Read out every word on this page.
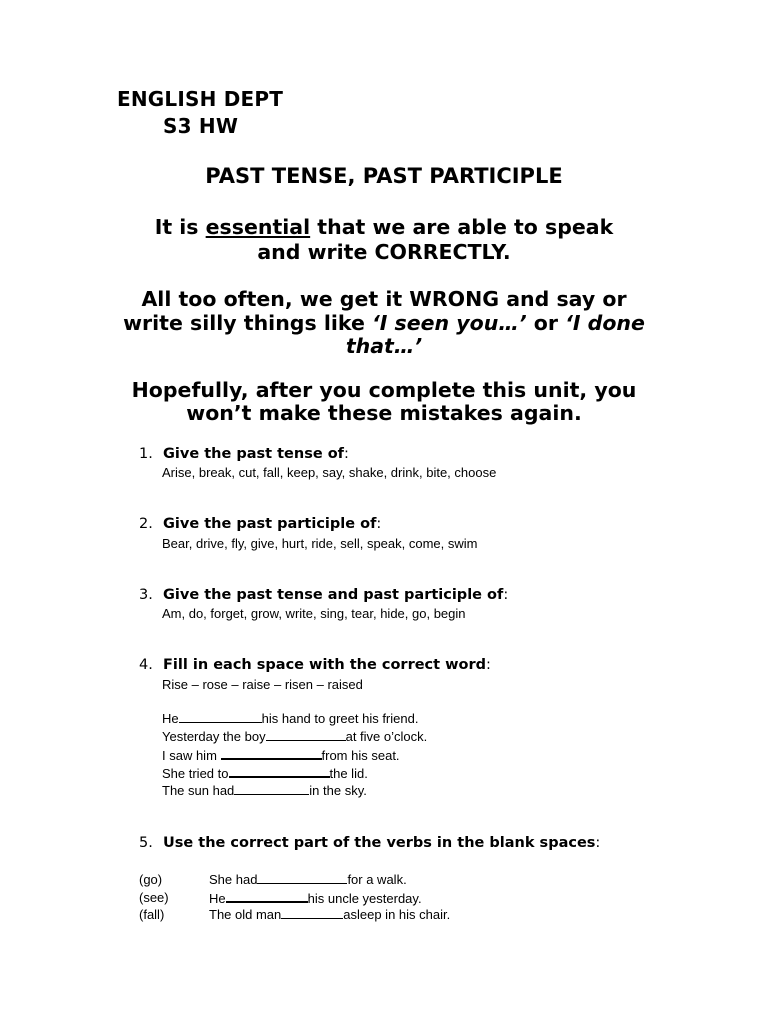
ENGLISH DEPT
S3 HW
PAST TENSE, PAST PARTICIPLE
It is essential that we are able to speak
and write CORRECTLY.
All too often, we get it WRONG and say or
write silly things like ‘I seen you…’ or ‘I done
that…’
Hopefully, after you complete this unit, you
won’t make these mistakes again.
1. Give the past tense of:
Arise, break, cut, fall, keep, say, shake, drink, bite, choose
2. Give the past participle of:
Bear, drive, fly, give, hurt, ride, sell, speak, come, swim
3. Give the past tense and past participle of:
Am, do, forget, grow, write, sing, tear, hide, go, begin
4. Fill in each space with the correct word:
Rise – rose – raise – risen – raised
He	his hand to greet his friend.
Yesterday the boy	at five o’clock.
I saw him	from his seat.
She tried to	the lid.
The sun had	in the sky.
5. Use the correct part of the verbs in the blank spaces:
(go)	She had	for a walk.
(see)	He	his uncle yesterday.
(fall)	The old man	asleep in his chair.
